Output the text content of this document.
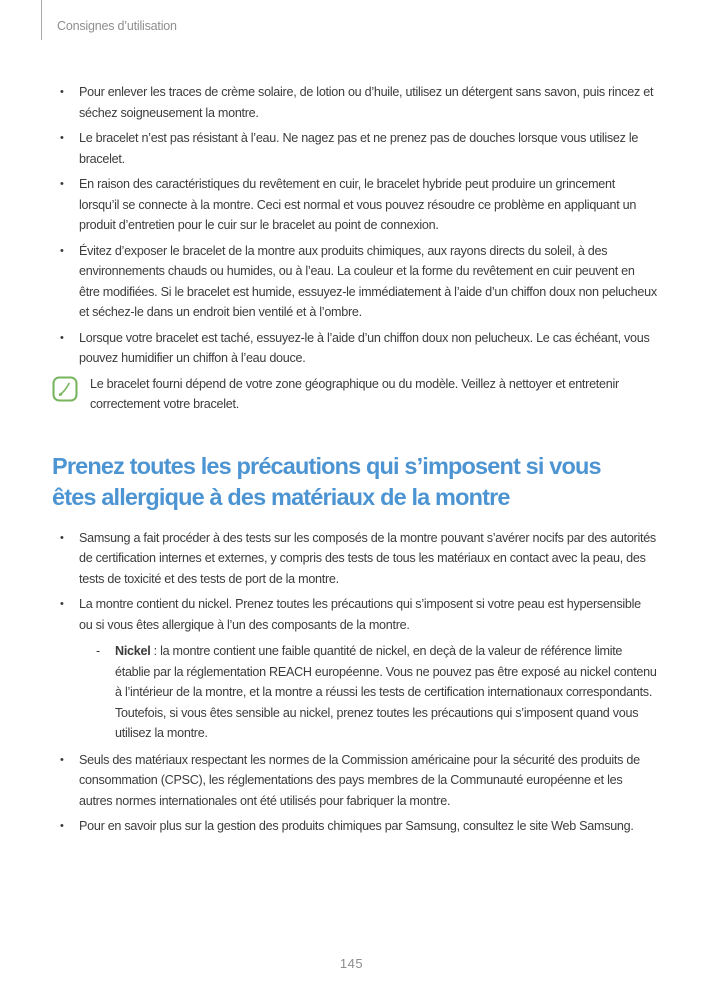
Consignes d’utilisation
•	Pour enlever les traces de crème solaire, de lotion ou d’huile, utilisez un détergent sans savon, puis rincez et séchez soigneusement la montre.
•	Le bracelet n’est pas résistant à l’eau. Ne nagez pas et ne prenez pas de douches lorsque vous utilisez le bracelet.
•	En raison des caractéristiques du revêtement en cuir, le bracelet hybride peut produire un grincement lorsqu’il se connecte à la montre. Ceci est normal et vous pouvez résoudre ce problème en appliquant un produit d’entretien pour le cuir sur le bracelet au point de connexion.
•	Évitez d’exposer le bracelet de la montre aux produits chimiques, aux rayons directs du soleil, à des environnements chauds ou humides, ou à l’eau. La couleur et la forme du revêtement en cuir peuvent en être modifiées. Si le bracelet est humide, essuyez-le immédiatement à l’aide d’un chiffon doux non pelucheux et séchez-le dans un endroit bien ventilé et à l’ombre.
•	Lorsque votre bracelet est taché, essuyez-le à l’aide d’un chiffon doux non pelucheux. Le cas échéant, vous pouvez humidifier un chiffon à l’eau douce.

Le bracelet fourni dépend de votre zone géographique ou du modèle. Veillez à nettoyer et entretenir correctement votre bracelet.

Prenez toutes les précautions qui s’imposent si vous
êtes allergique à des matériaux de la montre
•	Samsung a fait procéder à des tests sur les composés de la montre pouvant s’avérer nocifs par des autorités de certification internes et externes, y compris des tests de tous les matériaux en contact avec la peau, des tests de toxicité et des tests de port de la montre.
•	La montre contient du nickel. Prenez toutes les précautions qui s’imposent si votre peau est hypersensible ou si vous êtes allergique à l’un des composants de la montre.
-	Nickel : la montre contient une faible quantité de nickel, en deçà de la valeur de référence limite établie par la réglementation REACH européenne. Vous ne pouvez pas être exposé au nickel contenu à l’intérieur de la montre, et la montre a réussi les tests de certification internationaux correspondants. Toutefois, si vous êtes sensible au nickel, prenez toutes les précautions qui s’imposent quand vous utilisez la montre.
•	Seuls des matériaux respectant les normes de la Commission américaine pour la sécurité des produits de consommation (CPSC), les réglementations des pays membres de la Communauté européenne et les autres normes internationales ont été utilisés pour fabriquer la montre.
•	Pour en savoir plus sur la gestion des produits chimiques par Samsung, consultez le site Web Samsung.
145
